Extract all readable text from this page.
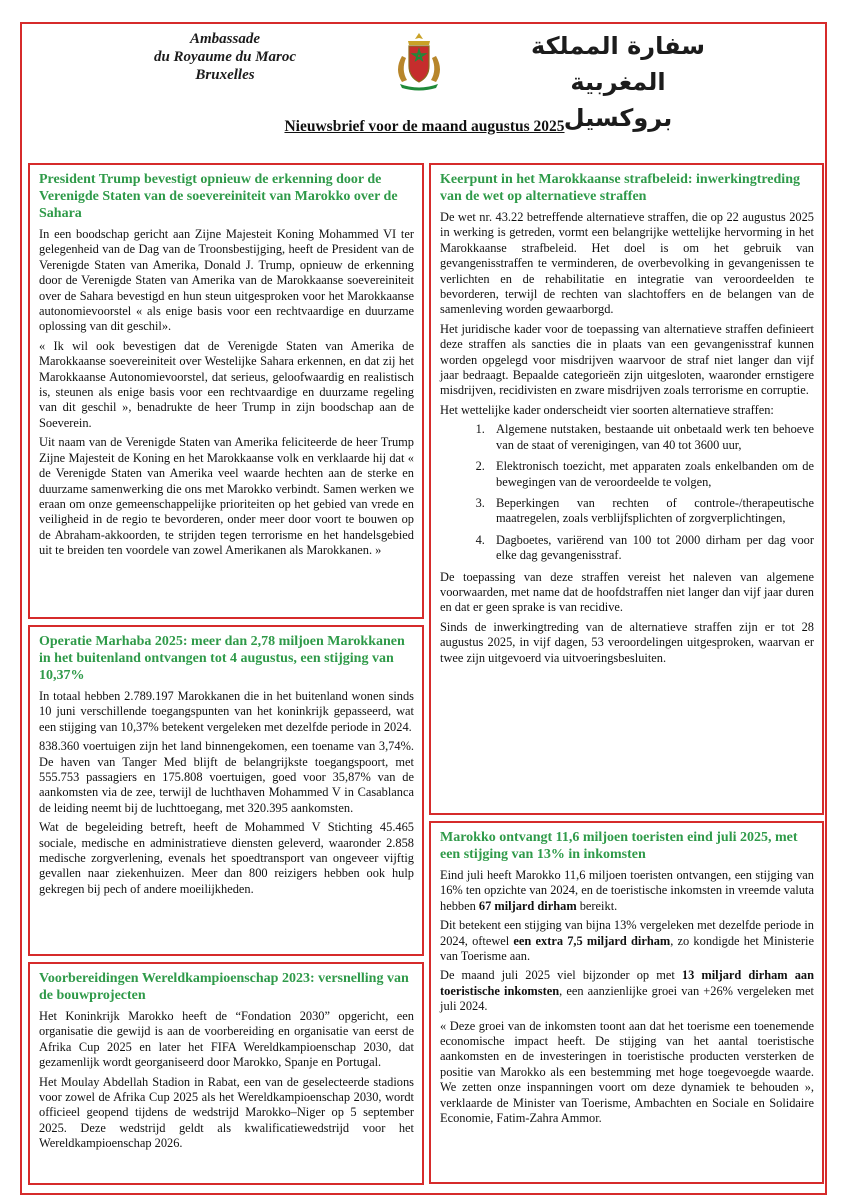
Ambassade
du Royaume du Maroc
Bruxelles
سفارة المملكة المغربية
بروكسيل
Nieuwsbrief voor de maand augustus 2025
President Trump bevestigt opnieuw de erkenning door de Verenigde Staten van de soevereiniteit van Marokko over de Sahara

In een boodschap gericht aan Zijne Majesteit Koning Mohammed VI ter gelegenheid van de Dag van de Troonsbestijging, heeft de President van de Verenigde Staten van Amerika, Donald J. Trump, opnieuw de erkenning door de Verenigde Staten van Amerika van de Marokkaanse soevereiniteit over de Sahara bevestigd en hun steun uitgesproken voor het Marokkaanse autonomievoorstel « als enige basis voor een rechtvaardige en duurzame oplossing van dit geschil».

« Ik wil ook bevestigen dat de Verenigde Staten van Amerika de Marokkaanse soevereiniteit over Westelijke Sahara erkennen, en dat zij het Marokkaanse Autonomievoorstel, dat serieus, geloofwaardig en realistisch is, steunen als enige basis voor een rechtvaardige en duurzame regeling van dit geschil », benadrukte de heer Trump in zijn boodschap aan de Soeverein.

Uit naam van de Verenigde Staten van Amerika feliciteerde de heer Trump Zijne Majesteit de Koning en het Marokkaanse volk en verklaarde hij dat « de Verenigde Staten van Amerika veel waarde hechten aan de sterke en duurzame samenwerking die ons met Marokko verbindt. Samen werken we eraan om onze gemeenschappelijke prioriteiten op het gebied van vrede en veiligheid in de regio te bevorderen, onder meer door voort te bouwen op de Abraham-akkoorden, te strijden tegen terrorisme en het handelsgebied uit te breiden ten voordele van zowel Amerikanen als Marokkanen. »

Operatie Marhaba 2025: meer dan 2,78 miljoen Marokkanen in het buitenland ontvangen tot 4 augustus, een stijging van 10,37%

In totaal hebben 2.789.197 Marokkanen die in het buitenland wonen sinds 10 juni verschillende toegangspunten van het koninkrijk gepasseerd, wat een stijging van 10,37% betekent vergeleken met dezelfde periode in 2024.

838.360 voertuigen zijn het land binnengekomen, een toename van 3,74%. De haven van Tanger Med blijft de belangrijkste toegangspoort, met 555.753 passagiers en 175.808 voertuigen, goed voor 35,87% van de aankomsten via de zee, terwijl de luchthaven Mohammed V in Casablanca de leiding neemt bij de luchttoegang, met 320.395 aankomsten.

Wat de begeleiding betreft, heeft de Mohammed V Stichting 45.465 sociale, medische en administratieve diensten geleverd, waaronder 2.858 medische zorgverlening, evenals het spoedtransport van ongeveer vijftig gevallen naar ziekenhuizen. Meer dan 800 reizigers hebben ook hulp gekregen bij pech of andere moeilijkheden.

Voorbereidingen Wereldkampioenschap 2023: versnelling van de bouwprojecten

Het Koninkrijk Marokko heeft de “Fondation 2030” opgericht, een organisatie die gewijd is aan de voorbereiding en organisatie van eerst de Afrika Cup 2025 en later het FIFA Wereldkampioenschap 2030, dat gezamenlijk wordt georganiseerd door Marokko, Spanje en Portugal.

Het Moulay Abdellah Stadion in Rabat, een van de geselecteerde stadions voor zowel de Afrika Cup 2025 als het Wereldkampioenschap 2030, wordt officieel geopend tijdens de wedstrijd Marokko–Niger op 5 september 2025. Deze wedstrijd geldt als kwalificatiewedstrijd voor het Wereldkampioenschap 2026.

Keerpunt in het Marokkaanse strafbeleid: inwerkingtreding van de wet op alternatieve straffen

De wet nr. 43.22 betreffende alternatieve straffen, die op 22 augustus 2025 in werking is getreden, vormt een belangrijke wettelijke hervorming in het Marokkaanse strafbeleid. Het doel is om het gebruik van gevangenisstraffen te verminderen, de overbevolking in gevangenissen te verlichten en de rehabilitatie en integratie van veroordeelden te bevorderen, terwijl de rechten van slachtoffers en de belangen van de samenleving worden gewaarborgd.

Het juridische kader voor de toepassing van alternatieve straffen definieert deze straffen als sancties die in plaats van een gevangenisstraf kunnen worden opgelegd voor misdrijven waarvoor de straf niet langer dan vijf jaar bedraagt. Bepaalde categorieën zijn uitgesloten, waaronder ernstigere misdrijven, recidivisten en zware misdrijven zoals terrorisme en corruptie.

Het wettelijke kader onderscheidt vier soorten alternatieve straffen:

1. Algemene nutstaken, bestaande uit onbetaald werk ten behoeve van de staat of verenigingen, van 40 tot 3600 uur,
2. Elektronisch toezicht, met apparaten zoals enkelbanden om de bewegingen van de veroordeelde te volgen,
3. Beperkingen van rechten of controle-/therapeutische maatregelen, zoals verblijfsplichten of zorgverplichtingen,
4. Dagboetes, variërend van 100 tot 2000 dirham per dag voor elke dag gevangenisstraf.

De toepassing van deze straffen vereist het naleven van algemene voorwaarden, met name dat de hoofdstraffen niet langer dan vijf jaar duren en dat er geen sprake is van recidive.

Sinds de inwerkingtreding van de alternatieve straffen zijn er tot 28 augustus 2025, in vijf dagen, 53 veroordelingen uitgesproken, waarvan er twee zijn uitgevoerd via uitvoeringsbesluiten.

Marokko ontvangt 11,6 miljoen toeristen eind juli 2025, met een stijging van 13% in inkomsten

Eind juli heeft Marokko 11,6 miljoen toeristen ontvangen, een stijging van 16% ten opzichte van 2024, en de toeristische inkomsten in vreemde valuta hebben 67 miljard dirham bereikt.

Dit betekent een stijging van bijna 13% vergeleken met dezelfde periode in 2024, oftewel een extra 7,5 miljard dirham, zo kondigde het Ministerie van Toerisme aan.

De maand juli 2025 viel bijzonder op met 13 miljard dirham aan toeristische inkomsten, een aanzienlijke groei van +26% vergeleken met juli 2024.

« Deze groei van de inkomsten toont aan dat het toerisme een toenemende economische impact heeft. De stijging van het aantal toeristische aankomsten en de investeringen in toeristische producten versterken de positie van Marokko als een bestemming met hoge toegevoegde waarde. We zetten onze inspanningen voort om deze dynamiek te behouden », verklaarde de Minister van Toerisme, Ambachten en Sociale en Solidaire Economie, Fatim-Zahra Ammor.
